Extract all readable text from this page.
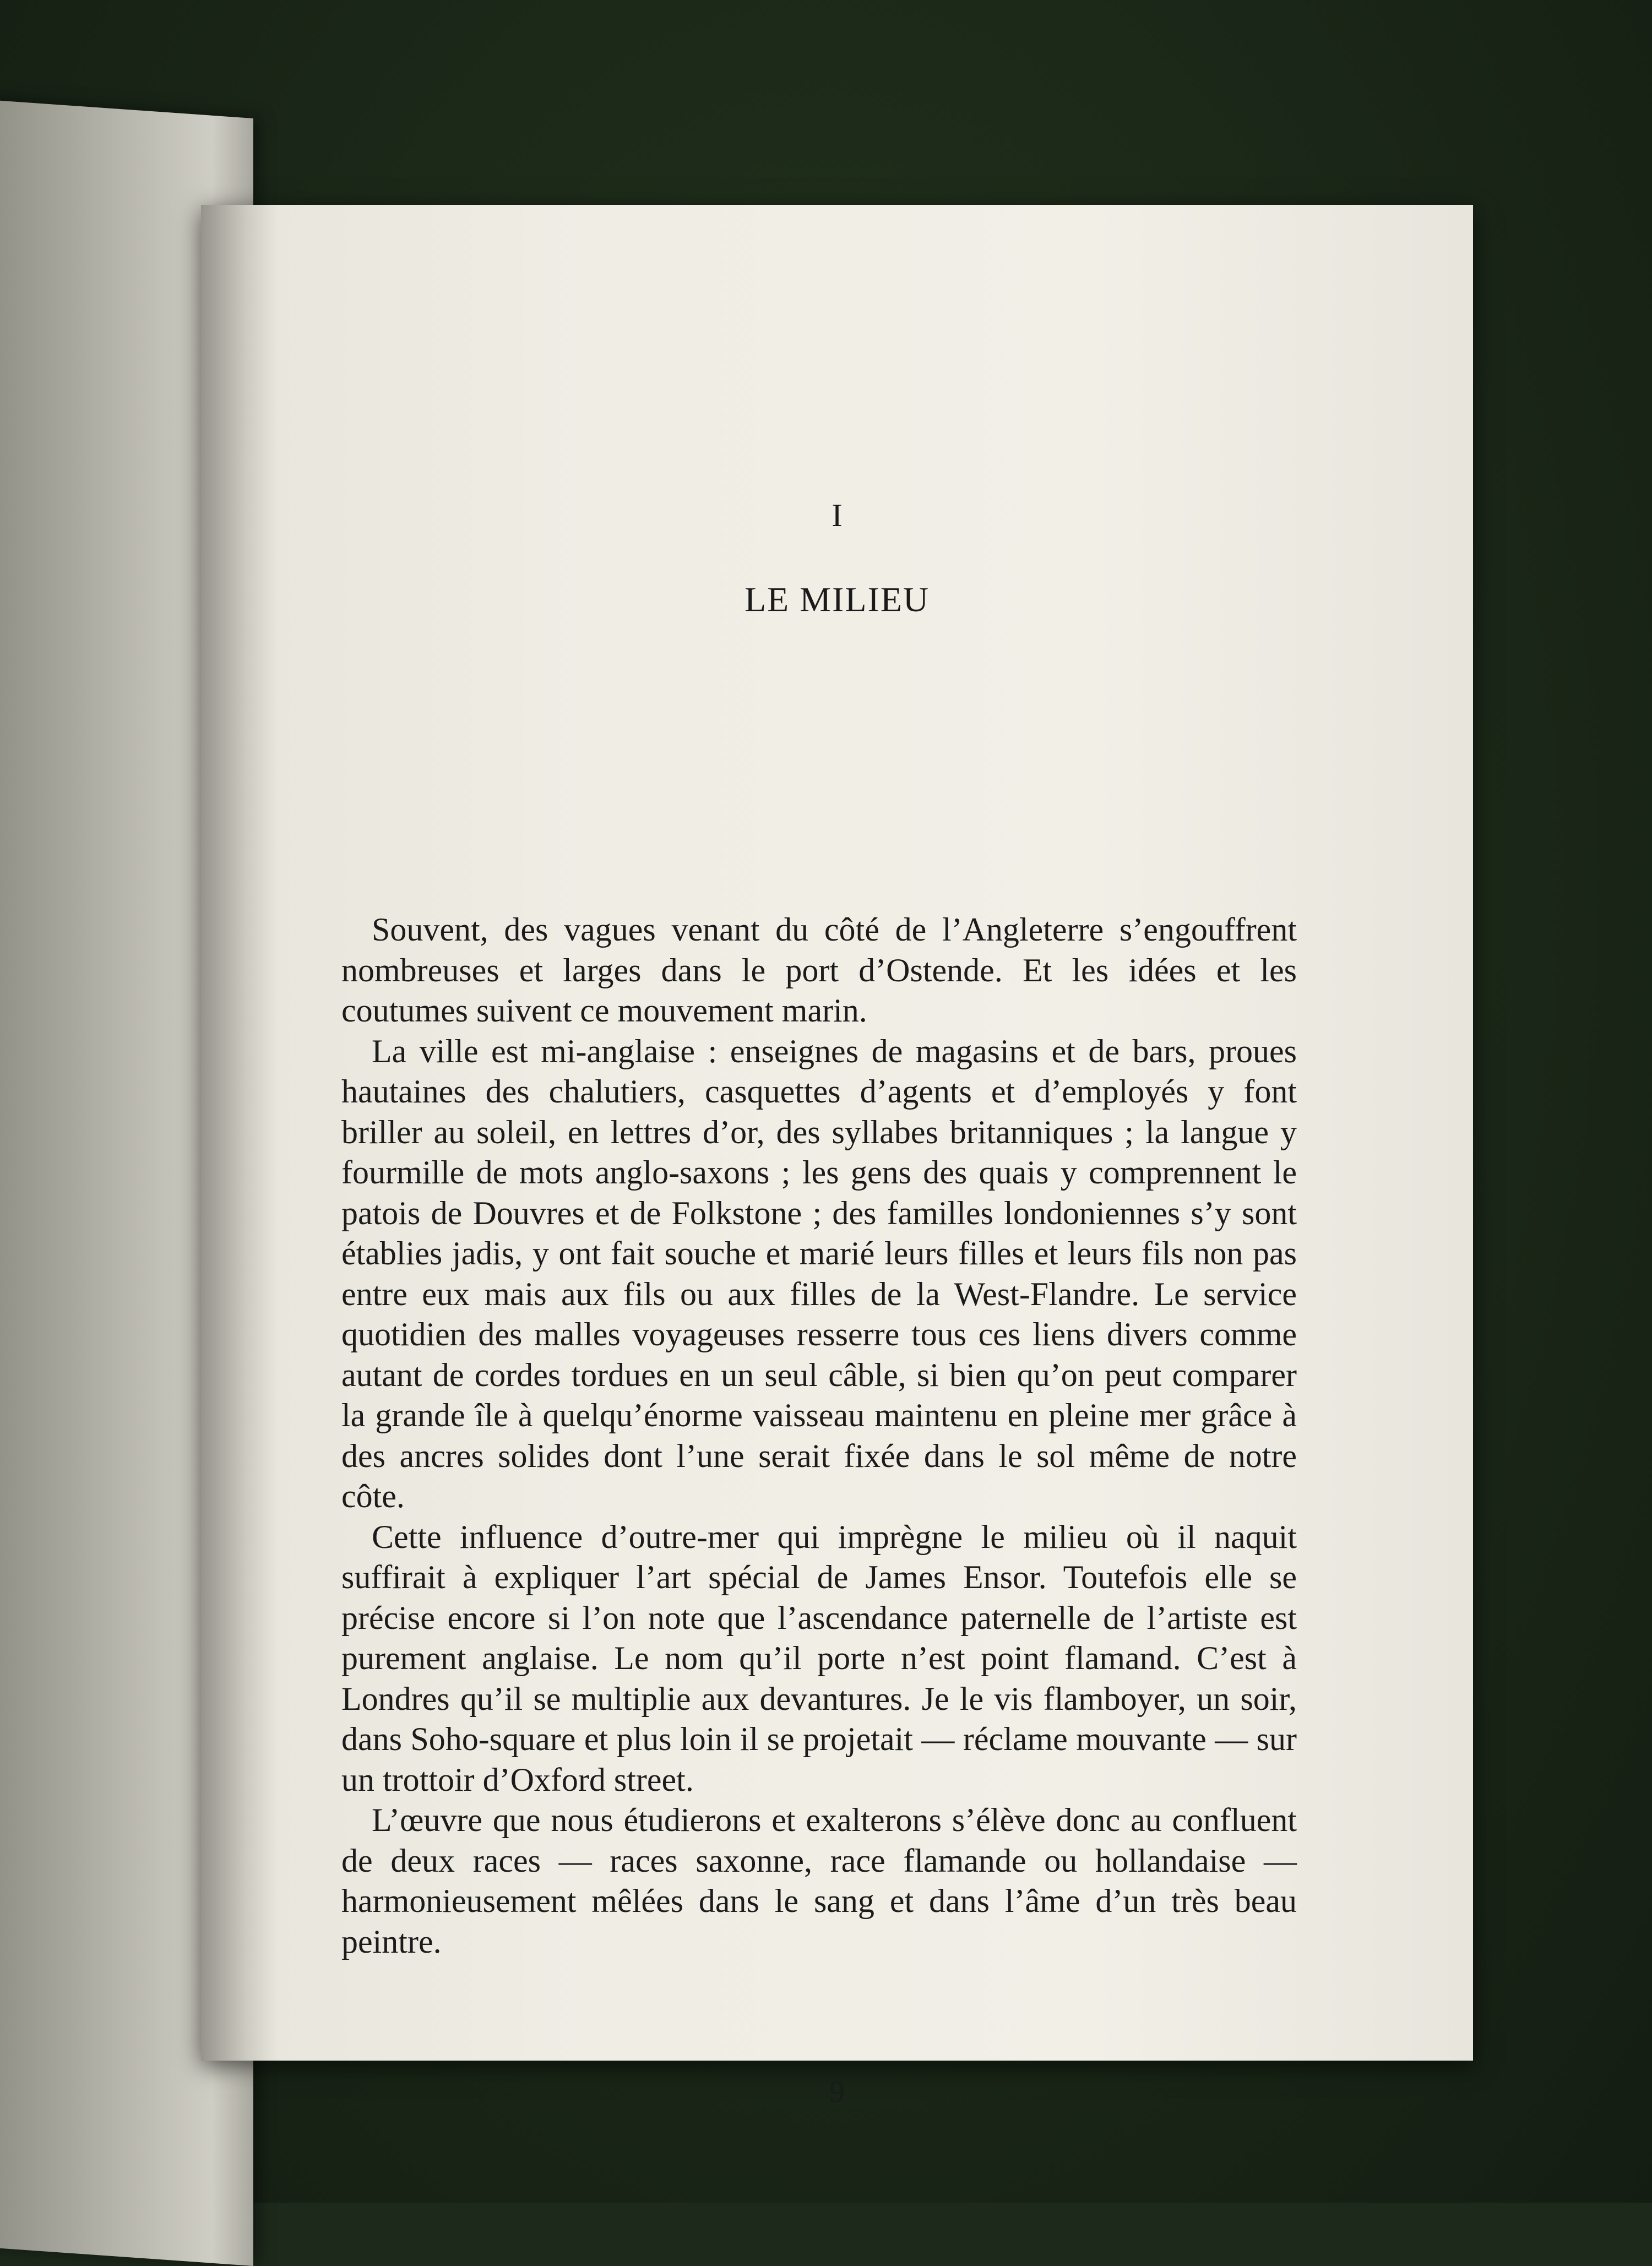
I
LE MILIEU

Souvent, des vagues venant du côté de l’Angleterre s’engouffrent nombreuses et larges dans le port d’Ostende. Et les idées et les coutumes suivent ce mouvement marin.

La ville est mi-anglaise : enseignes de magasins et de bars, proues hautaines des chalutiers, casquettes d’agents et d’employés y font briller au soleil, en lettres d’or, des syllabes britanniques ; la langue y fourmille de mots anglo-saxons ; les gens des quais y comprennent le patois de Douvres et de Folkstone ; des familles londoniennes s’y sont établies jadis, y ont fait souche et marié leurs filles et leurs fils non pas entre eux mais aux fils ou aux filles de la West-Flandre. Le service quotidien des malles voyageuses resserre tous ces liens divers comme autant de cordes tordues en un seul câble, si bien qu’on peut comparer la grande île à quelqu’énorme vaisseau maintenu en pleine mer grâce à des ancres solides dont l’une serait fixée dans le sol même de notre côte.

Cette influence d’outre-mer qui imprègne le milieu où il naquit suffirait à expliquer l’art spécial de James Ensor. Toutefois elle se précise encore si l’on note que l’ascendance paternelle de l’artiste est purement anglaise. Le nom qu’il porte n’est point flamand. C’est à Londres qu’il se multiplie aux devantures. Je le vis flamboyer, un soir, dans Soho-square et plus loin il se projetait — réclame mouvante — sur un trottoir d’Oxford street.

L’œuvre que nous étudierons et exalterons s’élève donc au confluent de deux races — races saxonne, race flamande ou hollandaise — harmonieusement mêlées dans le sang et dans l’âme d’un très beau peintre.

9
